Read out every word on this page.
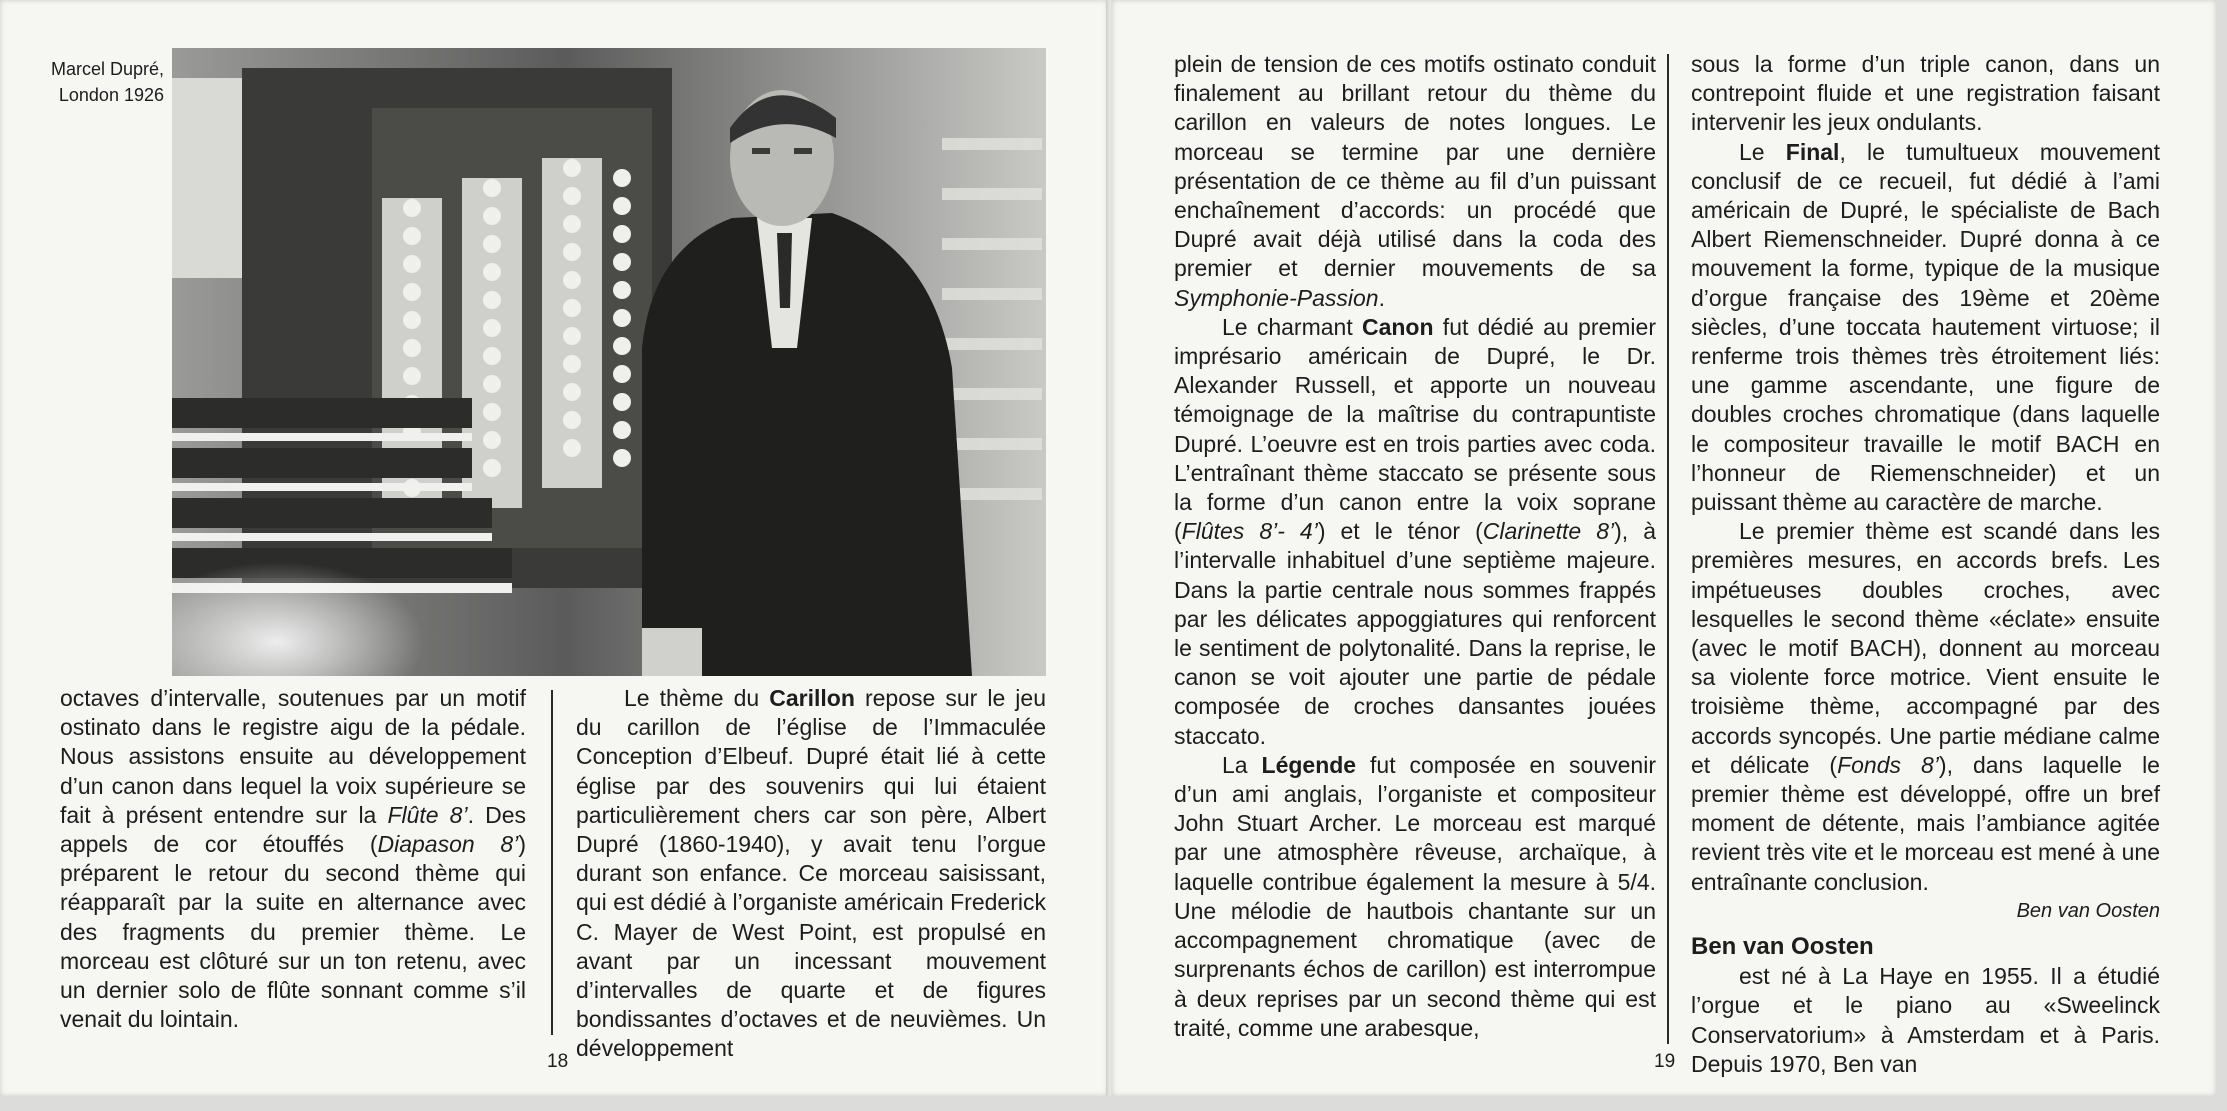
Marcel Dupré,
London 1926

octaves d’intervalle, soutenues par un motif ostinato dans le registre aigu de la pédale. Nous assistons ensuite au développement d’un canon dans lequel la voix supérieure se fait à présent entendre sur la Flûte 8’. Des appels de cor étouffés (Diapason 8’) préparent le retour du second thème qui réapparaît par la suite en alternance avec des fragments du premier thème. Le morceau est clôturé sur un ton retenu, avec un dernier solo de flûte sonnant comme s’il venait du lointain.

Le thème du Carillon repose sur le jeu du carillon de l’église de l’Immaculée Conception d’Elbeuf. Dupré était lié à cette église par des souvenirs qui lui étaient particulièrement chers car son père, Albert Dupré (1860-1940), y avait tenu l’orgue durant son enfance. Ce morceau saisissant, qui est dédié à l’organiste américain Frederick C. Mayer de West Point, est propulsé en avant par un incessant mouvement d’intervalles de quarte et de figures bondissantes d’octaves et de neuvièmes. Un développement

18

plein de tension de ces motifs ostinato conduit finalement au brillant retour du thème du carillon en valeurs de notes longues. Le morceau se termine par une dernière présentation de ce thème au fil d’un puissant enchaînement d’accords: un procédé que Dupré avait déjà utilisé dans la coda des premier et dernier mouvements de sa Symphonie-Passion.

Le charmant Canon fut dédié au premier imprésario américain de Dupré, le Dr. Alexander Russell, et apporte un nouveau témoignage de la maîtrise du contrapuntiste Dupré. L’oeuvre est en trois parties avec coda. L’entraînant thème staccato se présente sous la forme d’un canon entre la voix soprane (Flûtes 8’- 4’) et le ténor (Clarinette 8’), à l’intervalle inhabituel d’une septième majeure. Dans la partie centrale nous sommes frappés par les délicates appoggiatures qui renforcent le sentiment de polytonalité. Dans la reprise, le canon se voit ajouter une partie de pédale composée de croches dansantes jouées staccato.

La Légende fut composée en souvenir d’un ami anglais, l’organiste et compositeur John Stuart Archer. Le morceau est marqué par une atmosphère rêveuse, archaïque, à laquelle contribue également la mesure à 5/4. Une mélodie de hautbois chantante sur un accompagnement chromatique (avec de surprenants échos de carillon) est interrompue à deux reprises par un second thème qui est traité, comme une arabesque,

sous la forme d’un triple canon, dans un contrepoint fluide et une registration faisant intervenir les jeux ondulants.

Le Final, le tumultueux mouvement conclusif de ce recueil, fut dédié à l’ami américain de Dupré, le spécialiste de Bach Albert Riemenschneider. Dupré donna à ce mouvement la forme, typique de la musique d’orgue française des 19ème et 20ème siècles, d’une toccata hautement virtuose; il renferme trois thèmes très étroitement liés: une gamme ascendante, une figure de doubles croches chromatique (dans laquelle le compositeur travaille le motif BACH en l’honneur de Riemenschneider) et un puissant thème au caractère de marche.

Le premier thème est scandé dans les premières mesures, en accords brefs. Les impétueuses doubles croches, avec lesquelles le second thème «éclate» ensuite (avec le motif BACH), donnent au morceau sa violente force motrice. Vient ensuite le troisième thème, accompagné par des accords syncopés. Une partie médiane calme et délicate (Fonds 8’), dans laquelle le premier thème est développé, offre un bref moment de détente, mais l’ambiance agitée revient très vite et le morceau est mené à une entraînante conclusion.

Ben van Oosten
Ben van Oosten

est né à La Haye en 1955. Il a étudié l’orgue et le piano au «Sweelinck Conservatorium» à Amsterdam et à Paris. Depuis 1970, Ben van

19
